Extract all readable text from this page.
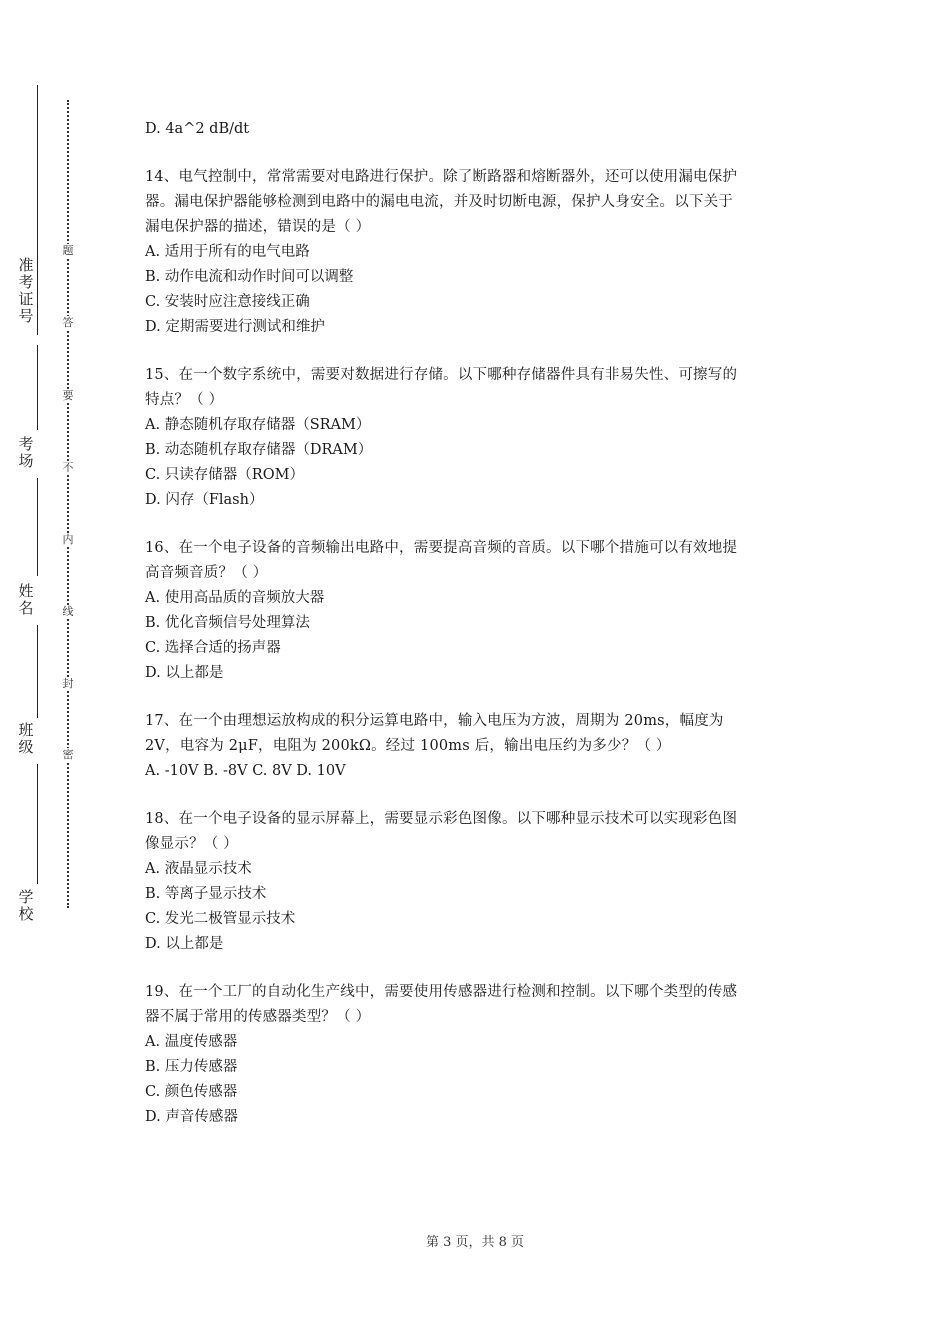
准
考
证
号
考
场
姓
名
班
级
学
校
题
答
要
不
内
线
封
密
D. 4a^2 dB/dt
14、电气控制中，常常需要对电路进行保护。除了断路器和熔断器外，还可以使用漏电保护
器。漏电保护器能够检测到电路中的漏电电流，并及时切断电源，保护人身安全。以下关于
漏电保护器的描述，错误的是（ ）
A. 适用于所有的电气电路
B. 动作电流和动作时间可以调整
C. 安装时应注意接线正确
D. 定期需要进行测试和维护
15、在一个数字系统中，需要对数据进行存储。以下哪种存储器件具有非易失性、可擦写的
特点？（ ）
A. 静态随机存取存储器（SRAM）
B. 动态随机存取存储器（DRAM）
C. 只读存储器（ROM）
D. 闪存（Flash）
16、在一个电子设备的音频输出电路中，需要提高音频的音质。以下哪个措施可以有效地提
高音频音质？（ ）
A. 使用高品质的音频放大器
B. 优化音频信号处理算法
C. 选择合适的扬声器
D. 以上都是
17、在一个由理想运放构成的积分运算电路中，输入电压为方波，周期为 20ms，幅度为
2V，电容为 2μF，电阻为 200kΩ。经过 100ms 后，输出电压约为多少？（ ）
A. -10V B. -8V C. 8V D. 10V
18、在一个电子设备的显示屏幕上，需要显示彩色图像。以下哪种显示技术可以实现彩色图
像显示？（ ）
A. 液晶显示技术
B. 等离子显示技术
C. 发光二极管显示技术
D. 以上都是
19、在一个工厂的自动化生产线中，需要使用传感器进行检测和控制。以下哪个类型的传感
器不属于常用的传感器类型？（ ）
A. 温度传感器
B. 压力传感器
C. 颜色传感器
D. 声音传感器
第 3 页，共 8 页
